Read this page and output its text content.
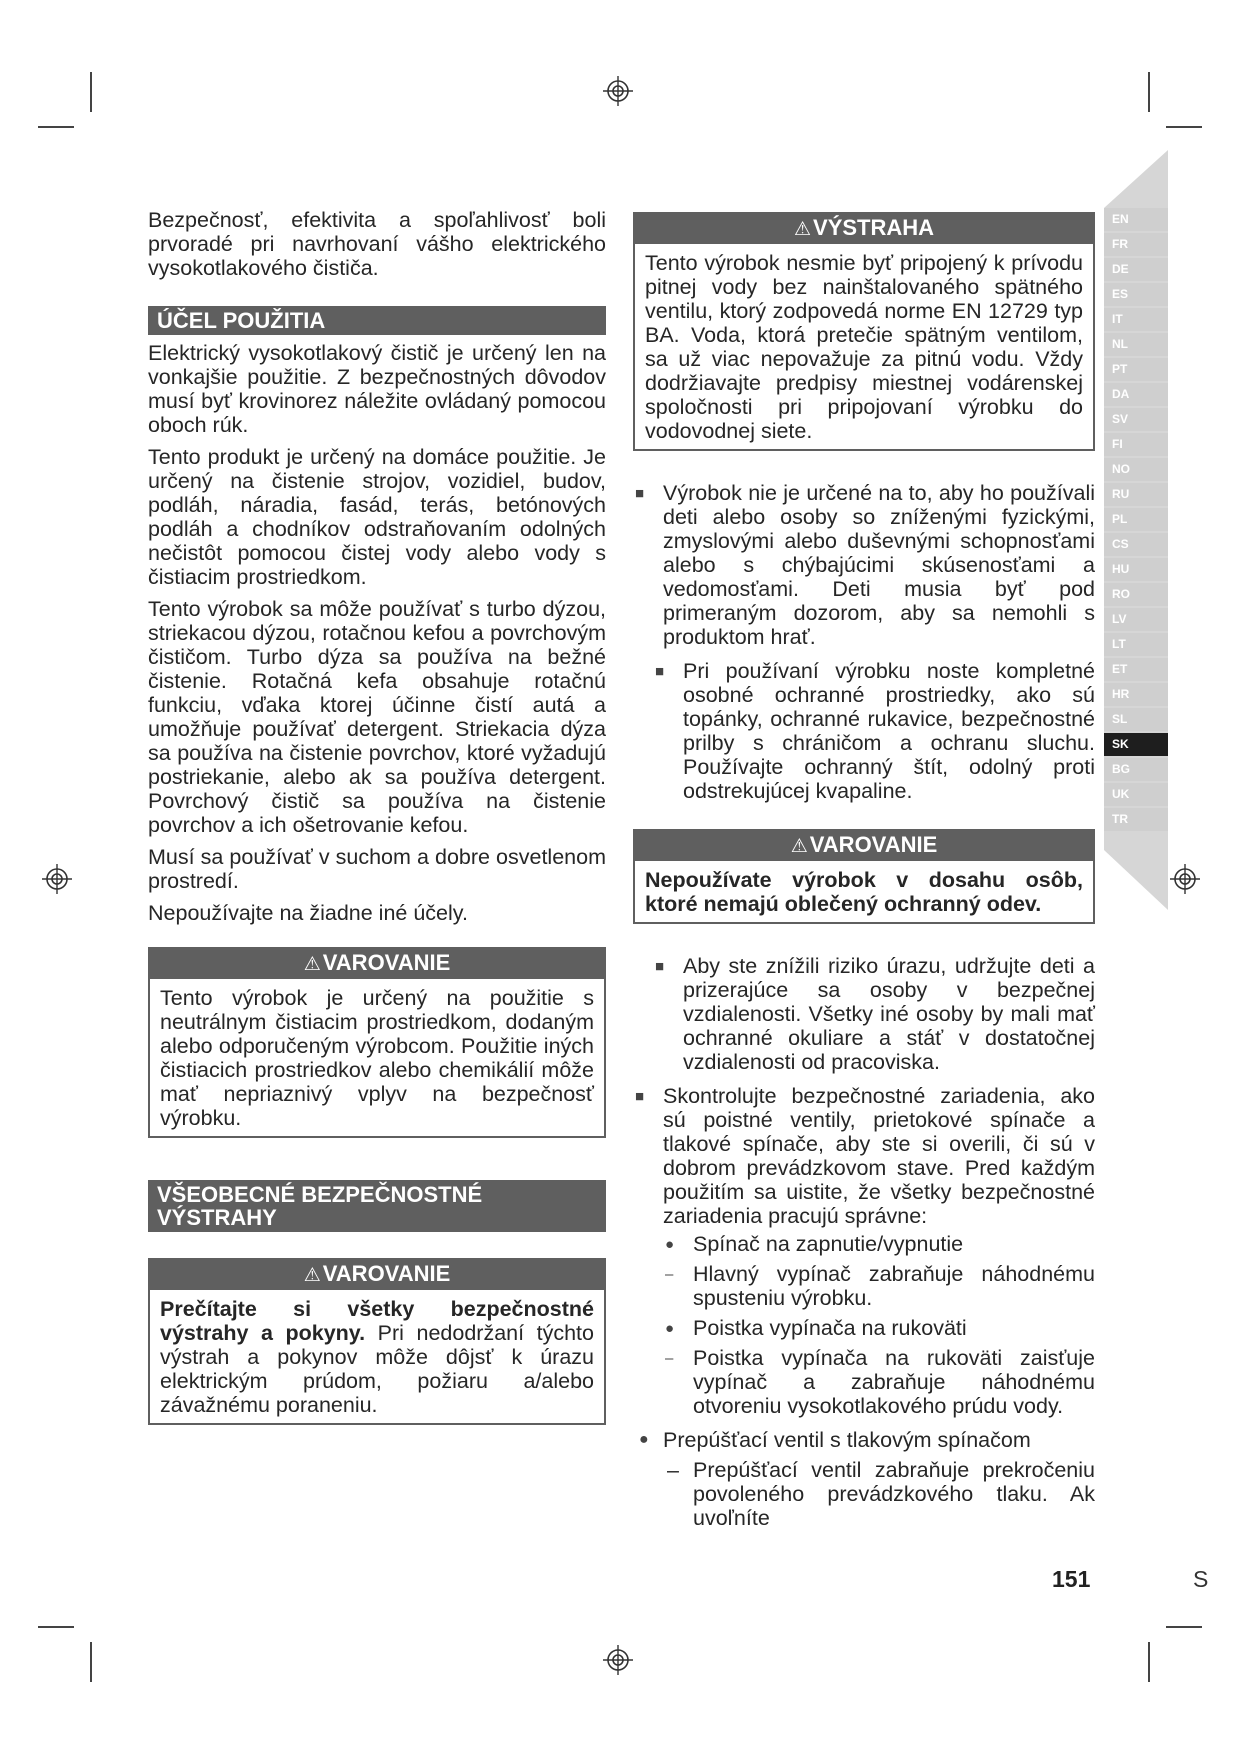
Bezpečnosť, efektivita a spoľahlivosť boli prvoradé pri navrhovaní vášho elektrického vysokotlakového čističa.

ÚČEL POUŽITIA

Elektrický vysokotlakový čistič je určený len na vonkajšie použitie. Z bezpečnostných dôvodov musí byť krovinorez náležite ovládaný pomocou oboch rúk.

Tento produkt je určený na domáce použitie. Je určený na čistenie strojov, vozidiel, budov, podláh, náradia, fasád, terás, betónových podláh a chodníkov odstraňovaním odolných nečistôt pomocou čistej vody alebo vody s čistiacim prostriedkom.

Tento výrobok sa môže používať s turbo dýzou, striekacou dýzou, rotačnou kefou a povrchovým čističom. Turbo dýza sa používa na bežné čistenie. Rotačná kefa obsahuje rotačnú funkciu, vďaka ktorej účinne čistí autá a umožňuje používať detergent. Striekacia dýza sa používa na čistenie povrchov, ktoré vyžadujú postriekanie, alebo ak sa používa detergent. Povrchový čistič sa používa na čistenie povrchov a ich ošetrovanie kefou.

Musí sa používať v suchom a dobre osvetlenom prostredí.

Nepoužívajte na žiadne iné účely.

⚠VAROVANIE
Tento výrobok je určený na použitie s neutrálnym čistiacim prostriedkom, dodaným alebo odporučeným výrobcom. Použitie iných čistiacich prostriedkov alebo chemikálií môže mať nepriaznivý vplyv na bezpečnosť výrobku.
VŠEOBECNÉ BEZPEČNOSTNÉ VÝSTRAHY
⚠VAROVANIE
Prečítajte si všetky bezpečnostné výstrahy a pokyny. Pri nedodržaní týchto výstrah a pokynov môže dôjsť k úrazu elektrickým prúdom, požiaru a/alebo závažnému poraneniu.
⚠VÝSTRAHA
Tento výrobok nesmie byť pripojený k prívodu pitnej vody bez nainštalovaného spätného ventilu, ktorý zodpovedá norme EN 12729 typ BA. Voda, ktorá pretečie spätným ventilom, sa už viac nepovažuje za pitnú vodu. Vždy dodržiavajte predpisy miestnej vodárenskej spoločnosti pri pripojovaní výrobku do vodovodnej siete.
■ Výrobok nie je určené na to, aby ho používali deti alebo osoby so zníženými fyzickými, zmyslovými alebo duševnými schopnosťami alebo s chýbajúcimi skúsenosťami a vedomosťami. Deti musia byť pod primeraným dozorom, aby sa nemohli s produktom hrať.
■ Pri používaní výrobku noste kompletné osobné ochranné prostriedky, ako sú topánky, ochranné rukavice, bezpečnostné prilby s chráničom a ochranu sluchu. Používajte ochranný štít, odolný proti odstrekujúcej kvapaline.
⚠VAROVANIE
Nepoužívate výrobok v dosahu osôb, ktoré nemajú oblečený ochranný odev.
■ Aby ste znížili riziko úrazu, udržujte deti a prizerajúce sa osoby v bezpečnej vzdialenosti. Všetky iné osoby by mali mať ochranné okuliare a stáť v dostatočnej vzdialenosti od pracoviska.
■ Skontrolujte bezpečnostné zariadenia, ako sú poistné ventily, prietokové spínače a tlakové spínače, aby ste si overili, či sú v dobrom prevádzkovom stave. Pred každým použitím sa uistite, že všetky bezpečnostné zariadenia pracujú správne:
● Spínač na zapnutie/vypnutie
– Hlavný vypínač zabraňuje náhodnému spusteniu výrobku.
● Poistka vypínača na rukoväti
– Poistka vypínača na rukoväti zaisťuje vypínač a zabraňuje náhodnému otvoreniu vysokotlakového prúdu vody.
● Prepúšťací ventil s tlakovým spínačom
– Prepúšťací ventil zabraňuje prekročeniu povoleného prevádzkového tlaku. Ak uvoľníte
EN
FR
DE
ES
IT
NL
PT
DA
SV
FI
NO
RU
PL
CS
HU
RO
LV
LT
ET
HR
SL
SK
BG
UK
TR
151	S
